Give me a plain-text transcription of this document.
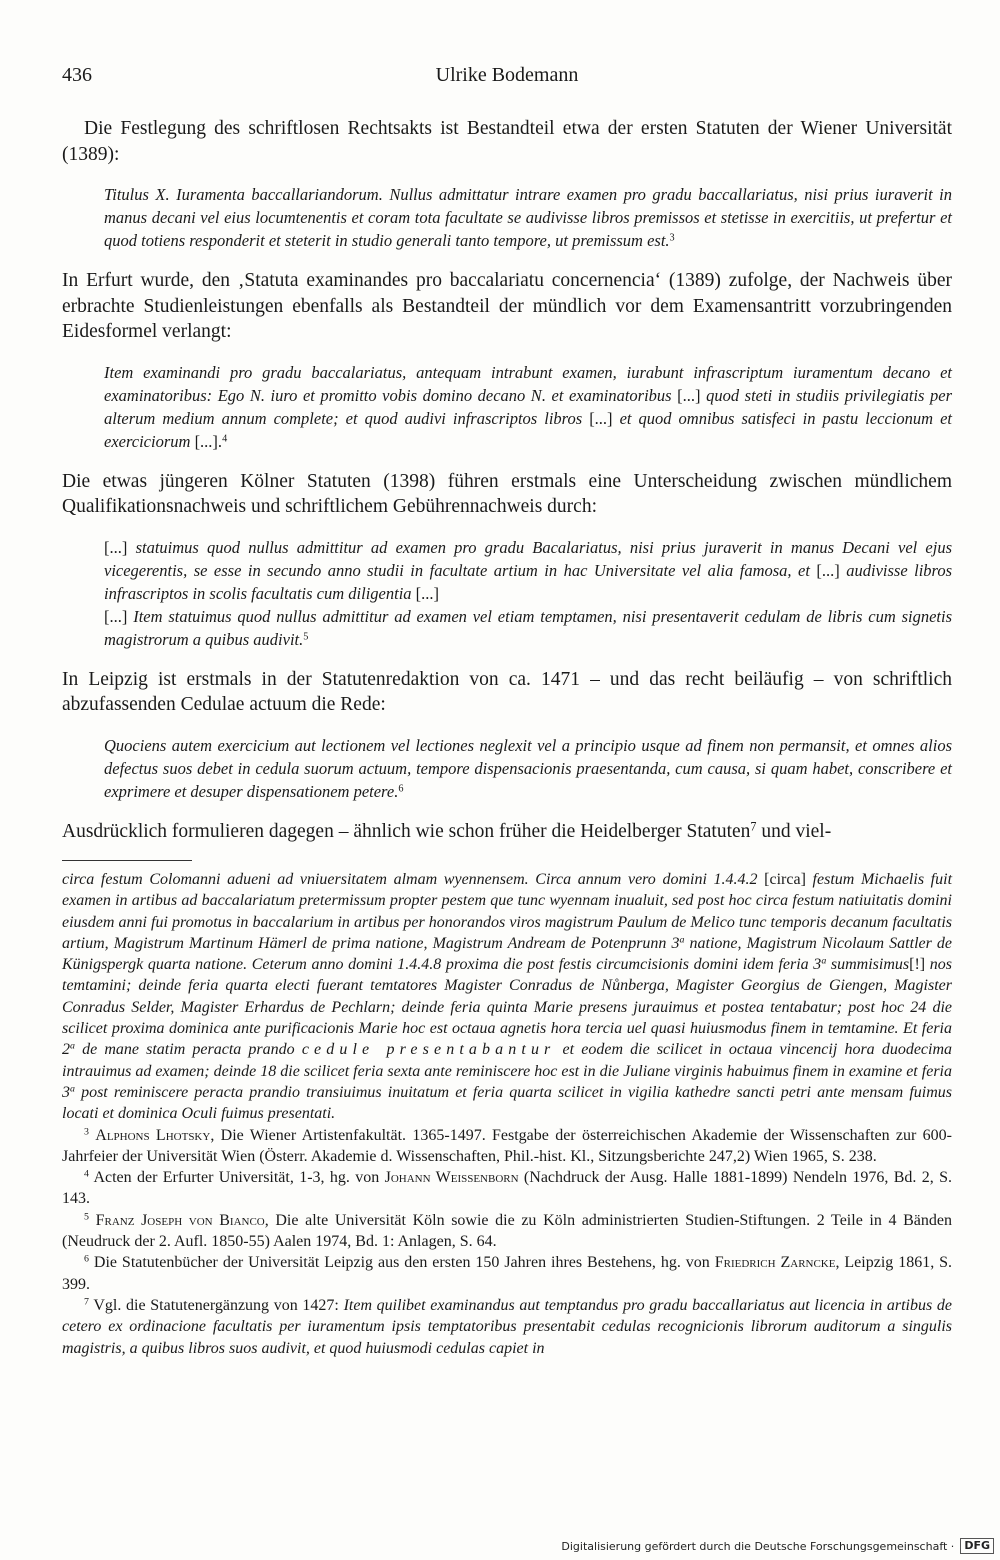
436	Ulrike Bodemann

Die Festlegung des schriftlosen Rechtsakts ist Bestandteil etwa der ersten Statuten der Wiener Universität (1389):

Titulus X. Iuramenta baccallariandorum. Nullus admittatur intrare examen pro gradu baccallariatus, nisi prius iuraverit in manus decani vel eius locumtenentis et coram tota facultate se audivisse libros premissos et stetisse in exercitiis, ut prefertur et quod totiens responderit et steterit in studio generali tanto tempore, ut premissum est.$^3$

In Erfurt wurde, den ‚Statuta examinandes pro baccalariatu concernencia‘ (1389) zufolge, der Nachweis über erbrachte Studienleistungen ebenfalls als Bestandteil der mündlich vor dem Examensantritt vorzubringenden Eidesformel verlangt:

Item examinandi pro gradu baccalariatus, antequam intrabunt examen, iurabunt infrascriptum iuramentum decano et examinatoribus: Ego N. iuro et promitto vobis domino decano N. et examinatoribus [...] quod steti in studiis privilegiatis per alterum medium annum complete; et quod audivi infrascriptos libros [...] et quod omnibus satisfeci in pastu leccionum et exerciciorum [...].$^4$

Die etwas jüngeren Kölner Statuten (1398) führen erstmals eine Unterscheidung zwischen mündlichem Qualifikationsnachweis und schriftlichem Gebührennachweis durch:

[...] statuimus quod nullus admittitur ad examen pro gradu Bacalariatus, nisi prius juraverit in manus Decani vel ejus vicegerentis, se esse in secundo anno studii in facultate artium in hac Universitate vel alia famosa, et [...] audivisse libros infrascriptos in scolis facultatis cum diligentia [...]

[...] Item statuimus quod nullus admittitur ad examen vel etiam temptamen, nisi presentaverit cedulam de libris cum signetis magistrorum a quibus audivit.$^5$

In Leipzig ist erstmals in der Statutenredaktion von ca. 1471 – und das recht beiläufig – von schriftlich abzufassenden Cedulae actuum die Rede:

Quociens autem exercicium aut lectionem vel lectiones neglexit vel a principio usque ad finem non permansit, et omnes alios defectus suos debet in cedula suorum actuum, tempore dispensacionis praesentanda, cum causa, si quam habet, conscribere et exprimere et desuper dispensationem petere.$^6$

Ausdrücklich formulieren dagegen – ähnlich wie schon früher die Heidelberger Statuten$^7$ und viel-

circa festum Colomanni adueni ad vniuersitatem almam wyennensem. Circa annum vero domini 1.4.4.2 [circa] festum Michaelis fuit examen in artibus ad baccalariatum pretermissum propter pestem que tunc wyennam inualuit, sed post hoc circa festum natiuitatis domini eiusdem anni fui promotus in baccalarium in artibus per honorandos viros magistrum Paulum de Melico tunc temporis decanum facultatis artium, Magistrum Martinum Hämerl de prima natione, Magistrum Andream de Potenprunn 3$^a$ natione, Magistrum Nicolaum Sattler de Künigspergk quarta natione. Ceterum anno domini 1.4.4.8 proxima die post festis circumcisionis domini idem feria 3$^a$ summisimus[!] nos temtamini; deinde feria quarta electi fuerant temtatores Magister Conradus de Nůnberga, Magister Georgius de Giengen, Magister Conradus Selder, Magister Erhardus de Pechlarn; deinde feria quinta Marie presens jurauimus et postea tentabatur; post hoc 24 die scilicet proxima dominica ante purificacionis Marie hoc est octaua agnetis hora tercia uel quasi huiusmodus finem in temtamine. Et feria 2$^a$ de mane statim peracta prando cedule presentabantur et eodem die scilicet in octaua vincencij hora duodecima intrauimus ad examen; deinde 18 die scilicet feria sexta ante reminiscere hoc est in die Juliane virginis habuimus finem in examine et feria 3$^a$ post reminiscere peracta prandio transiuimus inuitatum et feria quarta scilicet in vigilia kathedre sancti petri ante mensam fuimus locati et dominica Oculi fuimus presentati.

$^3$ Alphons Lhotsky, Die Wiener Artistenfakultät. 1365-1497. Festgabe der österreichischen Akademie der Wissenschaften zur 600-Jahrfeier der Universität Wien (Österr. Akademie d. Wissenschaften, Phil.-hist. Kl., Sitzungsberichte 247,2) Wien 1965, S. 238.

$^4$ Acten der Erfurter Universität, 1-3, hg. von Johann Weissenborn (Nachdruck der Ausg. Halle 1881-1899) Nendeln 1976, Bd. 2, S. 143.

$^5$ Franz Joseph von Bianco, Die alte Universität Köln sowie die zu Köln administrierten Studien-Stiftungen. 2 Teile in 4 Bänden (Neudruck der 2. Aufl. 1850-55) Aalen 1974, Bd. 1: Anlagen, S. 64.

$^6$ Die Statutenbücher der Universität Leipzig aus den ersten 150 Jahren ihres Bestehens, hg. von Friedrich Zarncke, Leipzig 1861, S. 399.

$^7$ Vgl. die Statutenergänzung von 1427: Item quilibet examinandus aut temptandus pro gradu baccallariatus aut licencia in artibus de cetero ex ordinacione facultatis per iuramentum ipsis temptatoribus presentabit cedulas recognicionis librorum auditorum a singulis magistris, a quibus libros suos audivit, et quod huiusmodi cedulas capiet in

Digitalisierung gefördert durch die Deutsche Forschungsgemeinschaft · DFG
